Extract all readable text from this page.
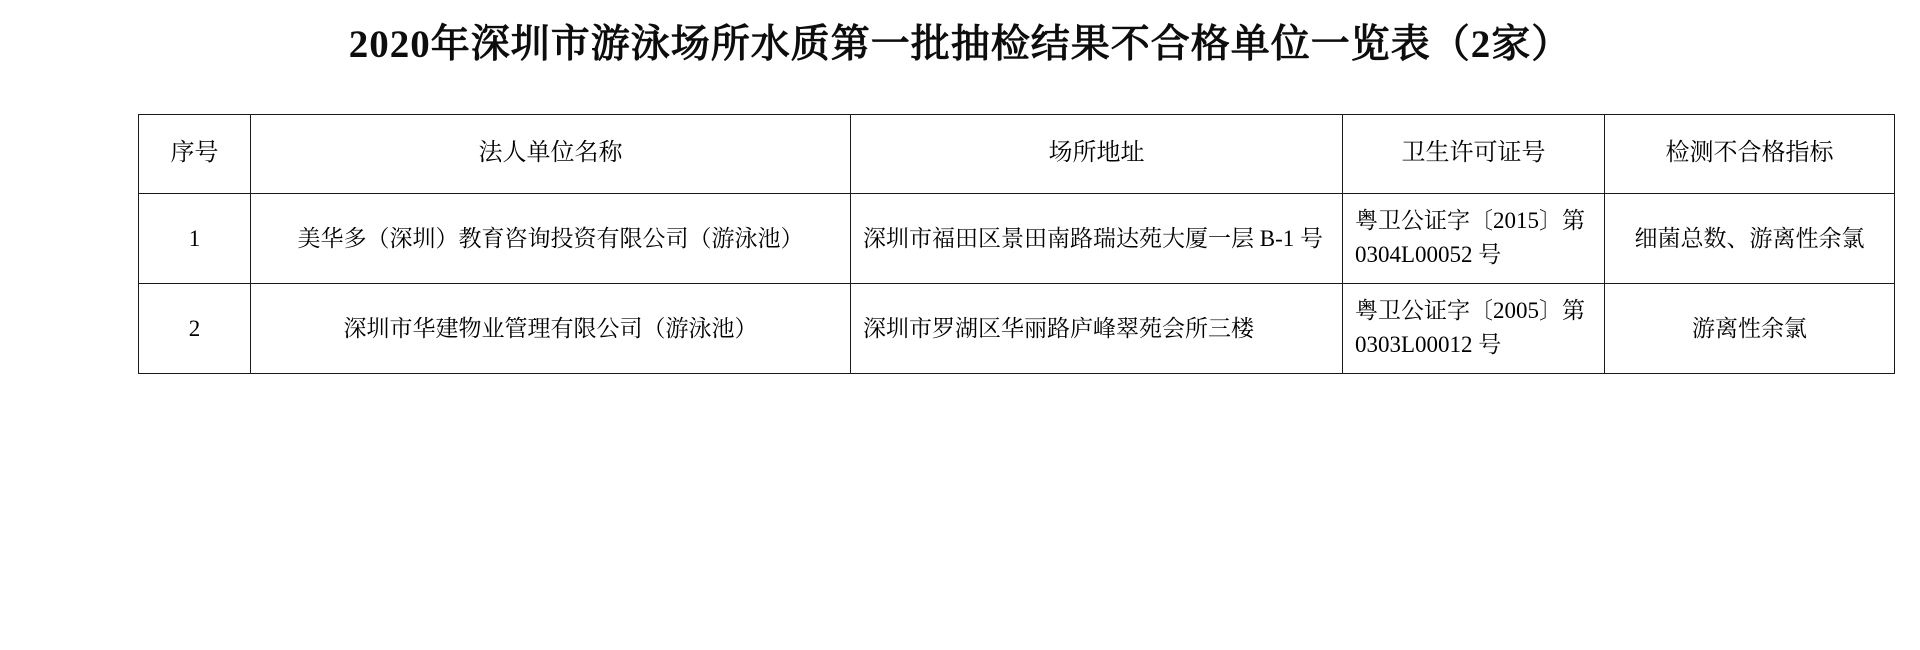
2020年深圳市游泳场所水质第一批抽检结果不合格单位一览表（2家）
序号	法人单位名称	场所地址	卫生许可证号	检测不合格指标
1	美华多（深圳）教育咨询投资有限公司（游泳池）	深圳市福田区景田南路瑞达苑大厦一层 B-1 号	粤卫公证字〔2015〕第 0304L00052 号	细菌总数、游离性余氯
2	深圳市华建物业管理有限公司（游泳池）	深圳市罗湖区华丽路庐峰翠苑会所三楼	粤卫公证字〔2005〕第 0303L00012 号	游离性余氯
